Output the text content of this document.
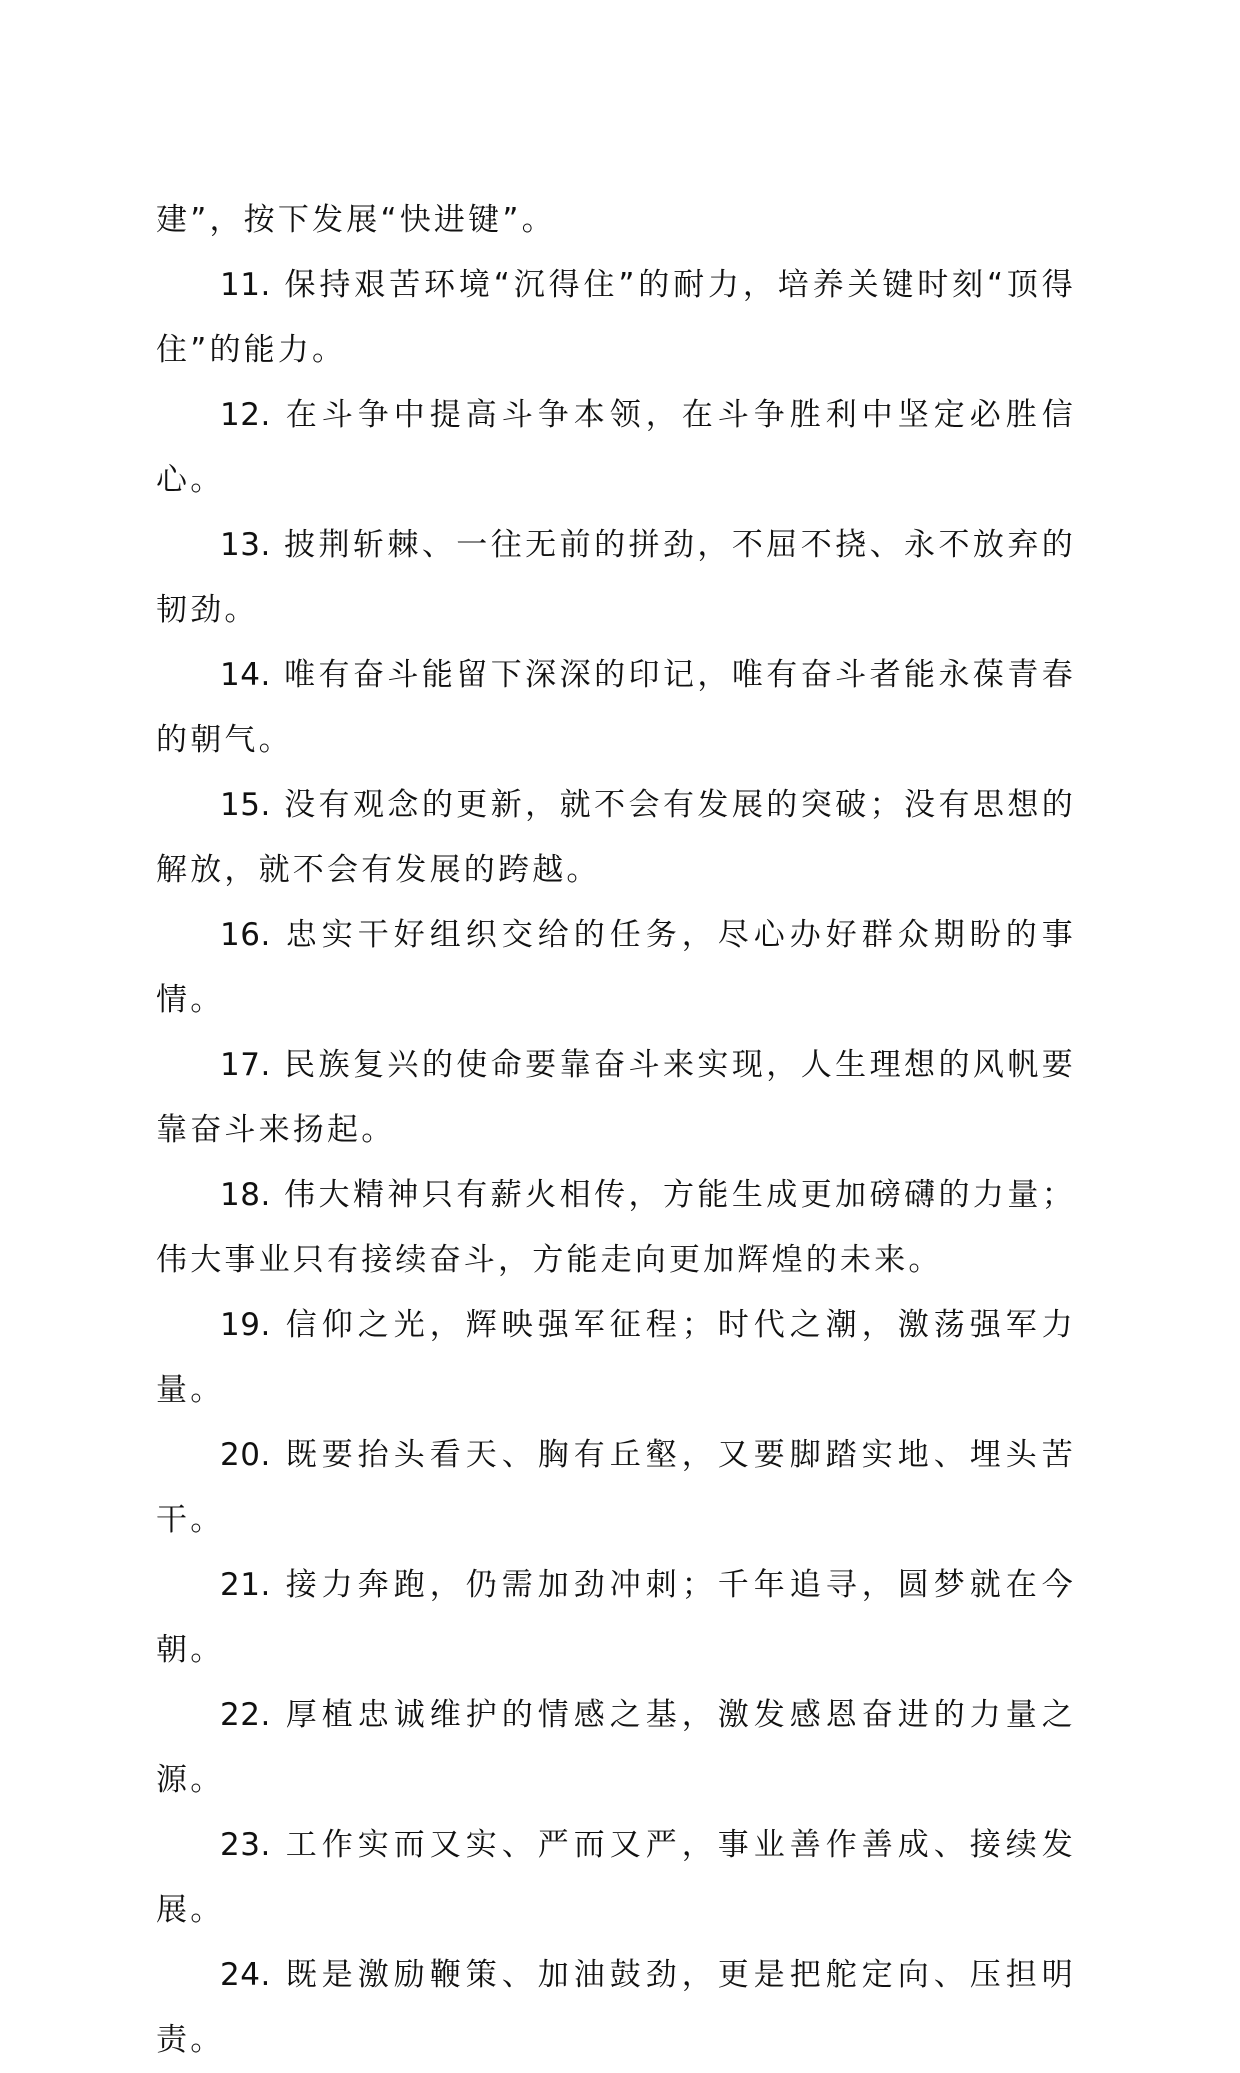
建”，按下发展“快进键”。

11. 保持艰苦环境“沉得住”的耐力，培养关键时刻“顶得住”的能力。

12. 在斗争中提高斗争本领，在斗争胜利中坚定必胜信心。

13. 披荆斩棘、一往无前的拼劲，不屈不挠、永不放弃的韧劲。

14. 唯有奋斗能留下深深的印记，唯有奋斗者能永葆青春的朝气。

15. 没有观念的更新，就不会有发展的突破；没有思想的解放，就不会有发展的跨越。

16. 忠实干好组织交给的任务，尽心办好群众期盼的事情。

17. 民族复兴的使命要靠奋斗来实现，人生理想的风帆要靠奋斗来扬起。

18. 伟大精神只有薪火相传，方能生成更加磅礴的力量；伟大事业只有接续奋斗，方能走向更加辉煌的未来。

19. 信仰之光，辉映强军征程；时代之潮，激荡强军力量。

20. 既要抬头看天、胸有丘壑，又要脚踏实地、埋头苦干。

21. 接力奔跑，仍需加劲冲刺；千年追寻，圆梦就在今朝。

22. 厚植忠诚维护的情感之基，激发感恩奋进的力量之源。

23. 工作实而又实、严而又严，事业善作善成、接续发展。

24. 既是激励鞭策、加油鼓劲，更是把舵定向、压担明责。
